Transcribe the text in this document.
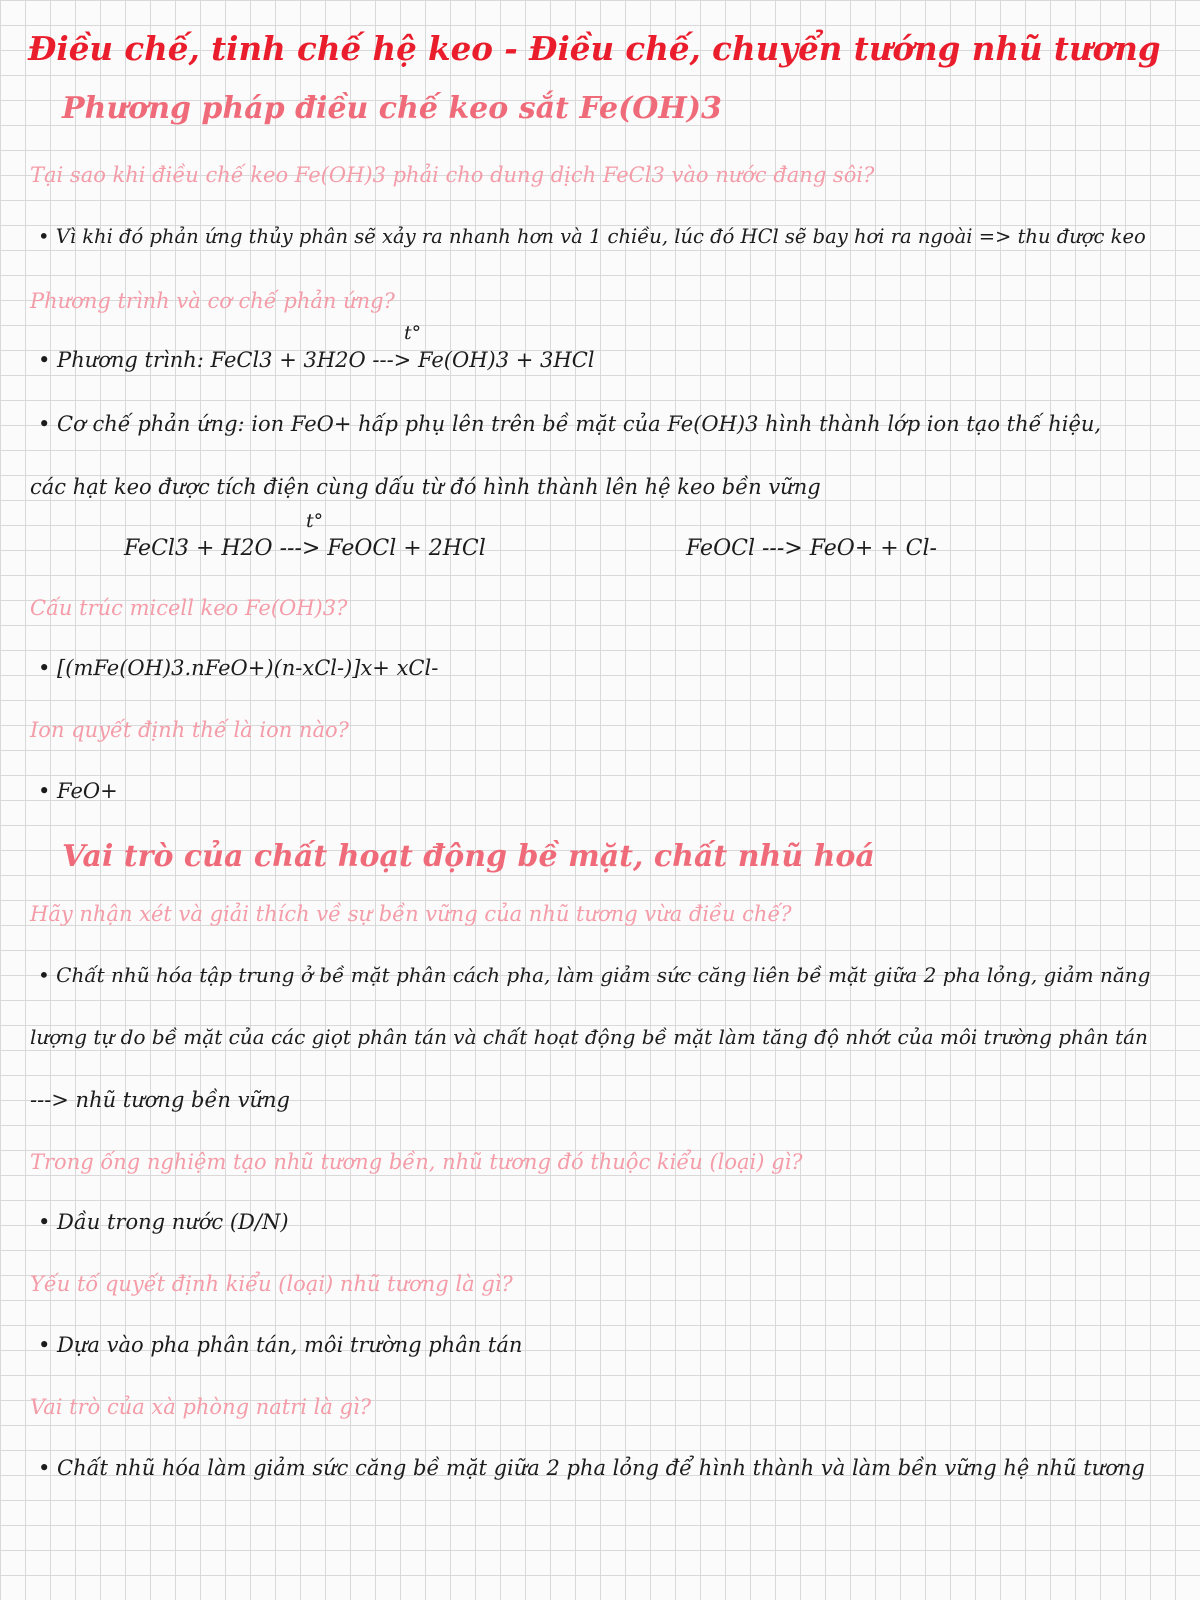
Điều chế, tinh chế hệ keo - Điều chế, chuyển tướng nhũ tương
Phương pháp điều chế keo sắt Fe(OH)3
Tại sao khi điều chế keo Fe(OH)3 phải cho dung dịch FeCl3 vào nước đang sôi?
• Vì khi đó phản ứng thủy phân sẽ xảy ra nhanh hơn và 1 chiều, lúc đó HCl sẽ bay hơi ra ngoài => thu được keo
Phương trình và cơ chế phản ứng?
t°
• Phương trình: FeCl3 + 3H2O ---> Fe(OH)3 + 3HCl
• Cơ chế phản ứng: ion FeO+ hấp phụ lên trên bề mặt của Fe(OH)3 hình thành lớp ion tạo thế hiệu,
các hạt keo được tích điện cùng dấu từ đó hình thành lên hệ keo bền vững
t°
FeCl3 + H2O ---> FeOCl + 2HCl	FeOCl ---> FeO+ + Cl-
Cấu trúc micell keo Fe(OH)3?
• [(mFe(OH)3.nFeO+)(n-xCl-)]x+ xCl-
Ion quyết định thế là ion nào?
• FeO+
Vai trò của chất hoạt động bề mặt, chất nhũ hoá
Hãy nhận xét và giải thích về sự bền vững của nhũ tương vừa điều chế?
• Chất nhũ hóa tập trung ở bề mặt phân cách pha, làm giảm sức căng liên bề mặt giữa 2 pha lỏng, giảm năng
lượng tự do bề mặt của các giọt phân tán và chất hoạt động bề mặt làm tăng độ nhớt của môi trường phân tán
---> nhũ tương bền vững
Trong ống nghiệm tạo nhũ tương bền, nhũ tương đó thuộc kiểu (loại) gì?
• Dầu trong nước (D/N)
Yếu tố quyết định kiểu (loại) nhũ tương là gì?
• Dựa vào pha phân tán, môi trường phân tán
Vai trò của xà phòng natri là gì?
• Chất nhũ hóa làm giảm sức căng bề mặt giữa 2 pha lỏng để hình thành và làm bền vững hệ nhũ tương
